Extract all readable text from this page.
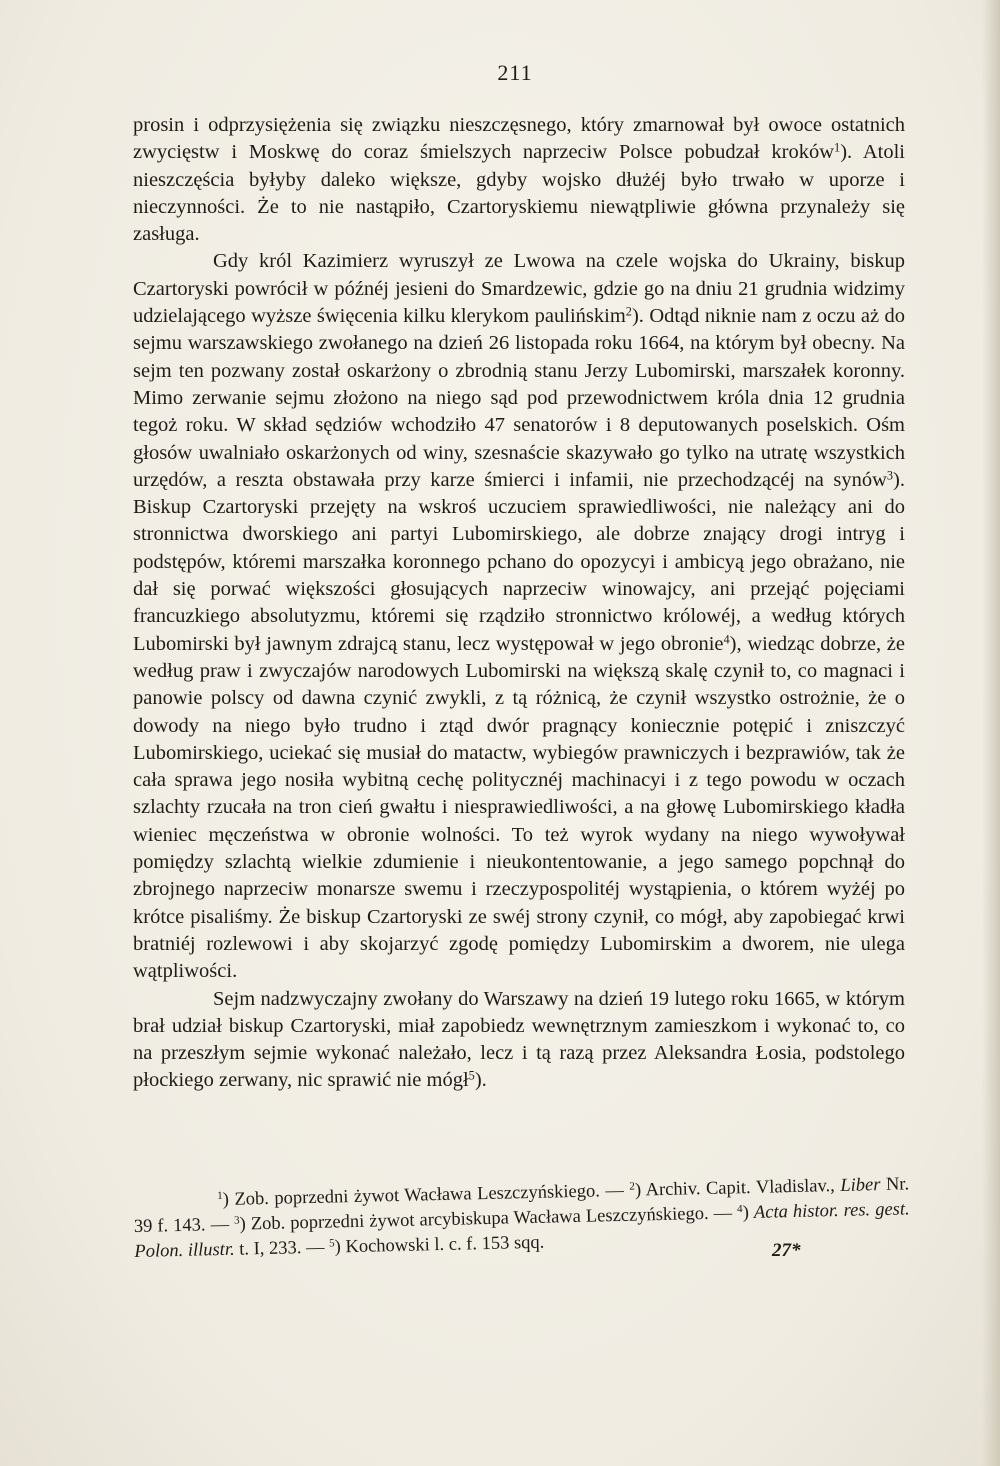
211

prosin i odprzysiężenia się związku nieszczęsnego, który zmarnował był owoce ostatnich zwycięstw i Moskwę do coraz śmielszych naprzeciw Polsce pobudzał kroków$^1$). Atoli nieszczęścia byłyby daleko większe, gdyby wojsko dłużéj było trwało w uporze i nieczynności. Że to nie nastąpiło, Czartoryskiemu niewątpliwie główna przynależy się zasługa.

Gdy król Kazimierz wyruszył ze Lwowa na czele wojska do Ukrainy, biskup Czartoryski powrócił w późnéj jesieni do Smardzewic, gdzie go na dniu 21 grudnia widzimy udzielającego wyższe święcenia kilku klerykom paulińskim$^2$). Odtąd niknie nam z oczu aż do sejmu warszawskiego zwołanego na dzień 26 listopada roku 1664, na którym był obecny. Na sejm ten pozwany został oskarżony o zbrodnią stanu Jerzy Lubomirski, marszałek koronny. Mimo zerwanie sejmu złożono na niego sąd pod przewodnictwem króla dnia 12 grudnia tegoż roku. W skład sędziów wchodziło 47 senatorów i 8 deputowanych poselskich. Ośm głosów uwalniało oskarżonych od winy, szesnaście skazywało go tylko na utratę wszystkich urzędów, a reszta obstawała przy karze śmierci i infamii, nie przechodzącéj na synów$^3$). Biskup Czartoryski przejęty na wskroś uczuciem sprawiedliwości, nie należący ani do stronnictwa dworskiego ani partyi Lubomirskiego, ale dobrze znający drogi intryg i podstępów, któremi marszałka koronnego pchano do opozycyi i ambicyą jego obrażano, nie dał się porwać większości głosujących naprzeciw winowajcy, ani przejąć pojęciami francuzkiego absolutyzmu, któremi się rządziło stronnictwo królowéj, a według których Lubomirski był jawnym zdrajcą stanu, lecz występował w jego obronie$^4$), wiedząc dobrze, że według praw i zwyczajów narodowych Lubomirski na większą skalę czynił to, co magnaci i panowie polscy od dawna czynić zwykli, z tą różnicą, że czynił wszystko ostrożnie, że o dowody na niego było trudno i ztąd dwór pragnący koniecznie potępić i zniszczyć Lubomirskiego, uciekać się musiał do matactw, wybiegów prawniczych i bezprawiów, tak że cała sprawa jego nosiła wybitną cechę politycznéj machinacyi i z tego powodu w oczach szlachty rzucała na tron cień gwałtu i niesprawiedliwości, a na głowę Lubomirskiego kładła wieniec męczeństwa w obronie wolności. To też wyrok wydany na niego wywoływał pomiędzy szlachtą wielkie zdumienie i nieukontentowanie, a jego samego popchnął do zbrojnego naprzeciw monarsze swemu i rzeczypospolitéj wystąpienia, o którem wyżéj po krótce pisaliśmy. Że biskup Czartoryski ze swéj strony czynił, co mógł, aby zapobiegać krwi bratniéj rozlewowi i aby skojarzyć zgodę pomiędzy Lubomirskim a dworem, nie ulega wątpliwości.

Sejm nadzwyczajny zwołany do Warszawy na dzień 19 lutego roku 1665, w którym brał udział biskup Czartoryski, miał zapobiedz wewnętrznym zamieszkom i wykonać to, co na przeszłym sejmie wykonać należało, lecz i tą razą przez Aleksandra Łosia, podstolego płockiego zerwany, nic sprawić nie mógł$^5$).

$^1$) Zob. poprzedni żywot Wacława Leszczyńskiego. — $^2$) Archiv. Capit. Vladislav., Liber Nr. 39 f. 143. — $^3$) Zob. poprzedni żywot arcybiskupa Wacława Leszczyńskiego. — $^4$) Acta histor. res. gest. Polon. illustr. t. I, 233. — $^5$) Kochowski l. c. f. 153 sqq.	27*
